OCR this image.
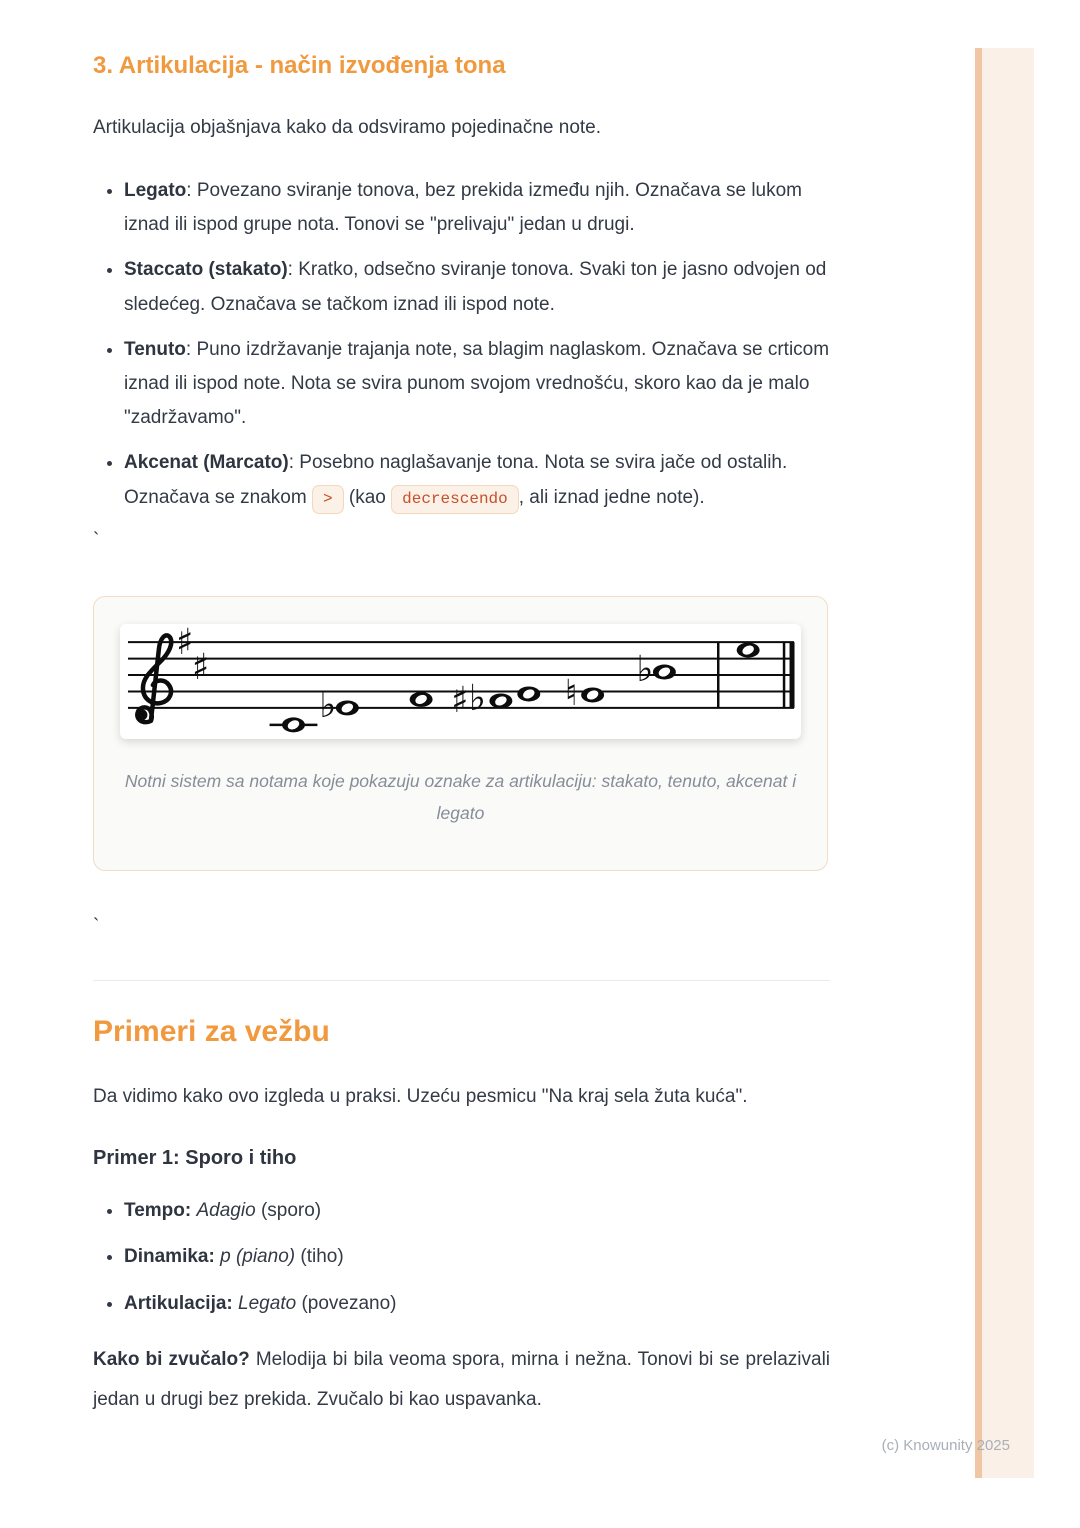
3. Artikulacija - način izvođenja tona

Artikulacija objašnjava kako da odsviramo pojedinačne note.

• Legato: Povezano sviranje tonova, bez prekida između njih. Označava se lukom iznad ili ispod grupe nota. Tonovi se "prelivaju" jedan u drugi.
• Staccato (stakato): Kratko, odsečno sviranje tonova. Svaki ton je jasno odvojen od sledećeg. Označava se tačkom iznad ili ispod note.
• Tenuto: Puno izdržavanje trajanja note, sa blagim naglaskom. Označava se crticom iznad ili ispod note. Nota se svira punom svojom vrednošću, skoro kao da je malo "zadržavamo".
• Akcenat (Marcato): Posebno naglašavanje tona. Nota se svira jače od ostalih. Označava se znakom > (kao decrescendo , ali iznad jedne note).
`
♯
♯
♭	♯ ♭ ♮
♭
Notni sistem sa notama koje pokazuju oznake za artikulaciju: stakato, tenuto, akcenat i legato
`
Primeri za vežbu

Da vidimo kako ovo izgleda u praksi. Uzeću pesmicu "Na kraj sela žuta kuća".

Primer 1: Sporo i tiho
• Tempo: Adagio (sporo)
• Dinamika: p (piano) (tiho)
• Artikulacija: Legato (povezano)

Kako bi zvučalo? Melodija bi bila veoma spora, mirna i nežna. Tonovi bi se prelazivali jedan u drugi bez prekida. Zvučalo bi kao uspavanka.

(c) Knowunity 2025
